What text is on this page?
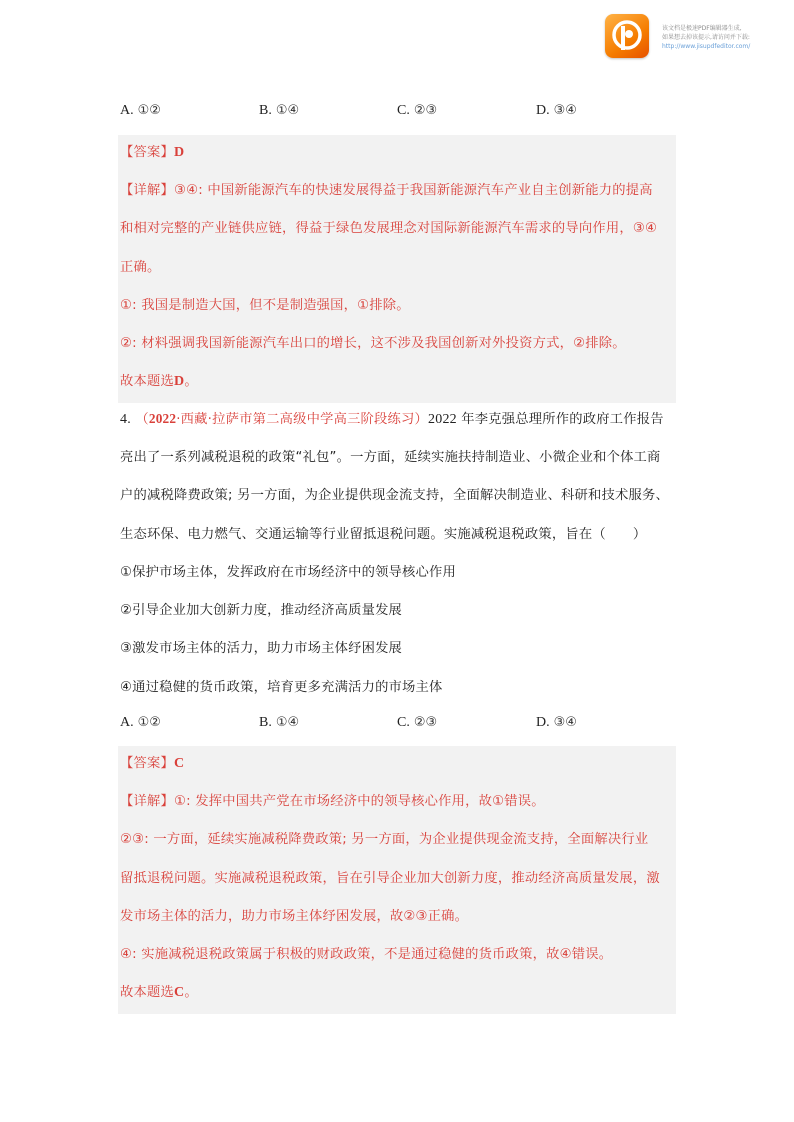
该文档是极速PDF编辑器生成,
如果想去掉该提示,请访问并下载:
http://www.jisupdfeditor.com/
A. ①②	B. ①④	C. ②③	D. ③④
【答案】D
【详解】③④: 中国新能源汽车的快速发展得益于我国新能源汽车产业自主创新能力的提高
和相对完整的产业链供应链，得益于绿色发展理念对国际新能源汽车需求的导向作用，③④
正确。
①: 我国是制造大国，但不是制造强国，①排除。
②: 材料强调我国新能源汽车出口的增长，这不涉及我国创新对外投资方式，②排除。
故本题选D。
4. （2022·西藏·拉萨市第二高级中学高三阶段练习）2022 年李克强总理所作的政府工作报告
亮出了一系列减税退税的政策“礼包”。一方面，延续实施扶持制造业、小微企业和个体工商
户的减税降费政策; 另一方面，为企业提供现金流支持，全面解决制造业、科研和技术服务、
生态环保、电力燃气、交通运输等行业留抵退税问题。实施减税退税政策，旨在（　　）
①保护市场主体，发挥政府在市场经济中的领导核心作用
②引导企业加大创新力度，推动经济高质量发展
③激发市场主体的活力，助力市场主体纾困发展
④通过稳健的货币政策，培育更多充满活力的市场主体
A. ①②	B. ①④	C. ②③	D. ③④
【答案】C
【详解】①: 发挥中国共产党在市场经济中的领导核心作用，故①错误。
②③: 一方面，延续实施减税降费政策; 另一方面，为企业提供现金流支持，全面解决行业
留抵退税问题。实施减税退税政策，旨在引导企业加大创新力度，推动经济高质量发展，激
发市场主体的活力，助力市场主体纾困发展，故②③正确。
④: 实施减税退税政策属于积极的财政政策，不是通过稳健的货币政策，故④错误。
故本题选C。
